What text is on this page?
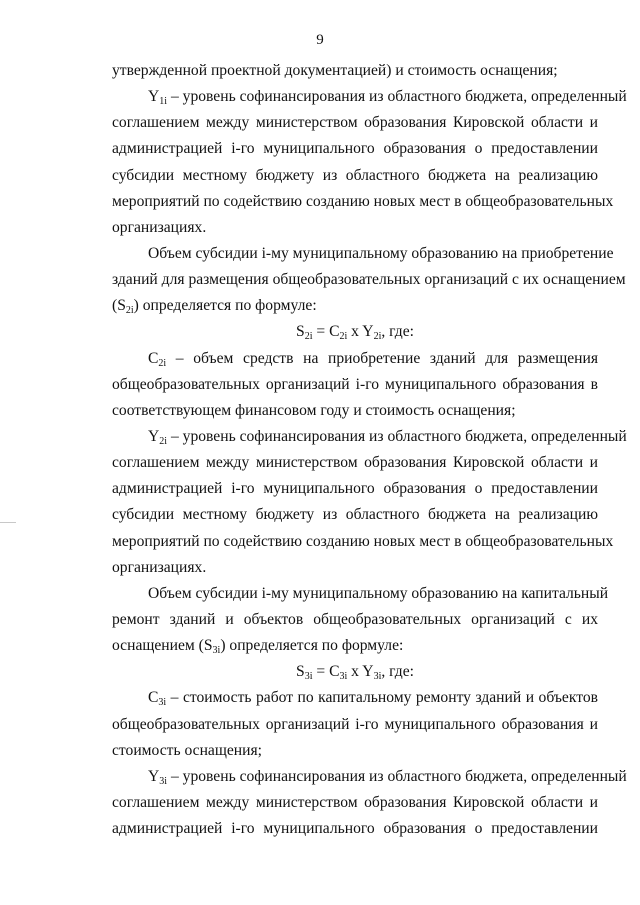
9
утвержденной проектной документацией) и стоимость оснащения;
$Y_{1i}$ – уровень софинансирования из областного бюджета, определенный
соглашением между министерством образования Кировской области и
администрацией i-го муниципального образования о предоставлении
субсидии местному бюджету из областного бюджета на реализацию
мероприятий по содействию созданию новых мест в общеобразовательных
организациях.
Объем субсидии i-му муниципальному образованию на приобретение
зданий для размещения общеобразовательных организаций с их оснащением
$(S_{2i})$ определяется по формуле:
$S_{2i} = C_{2i}$ x $Y_{2i}$, где:
$C_{2i}$ – объем средств на приобретение зданий для размещения
общеобразовательных организаций i-го муниципального образования в
соответствующем финансовом году и стоимость оснащения;
$Y_{2i}$ – уровень софинансирования из областного бюджета, определенный
соглашением между министерством образования Кировской области и
администрацией i-го муниципального образования о предоставлении
субсидии местному бюджету из областного бюджета на реализацию
мероприятий по содействию созданию новых мест в общеобразовательных
организациях.
Объем субсидии i-му муниципальному образованию на капитальный
ремонт зданий и объектов общеобразовательных организаций с их
оснащением $(S_{3i})$ определяется по формуле:
$S_{3i} = C_{3i}$ x $Y_{3i}$, где:
$C_{3i}$ – стоимость работ по капитальному ремонту зданий и объектов
общеобразовательных организаций i-го муниципального образования и
стоимость оснащения;
$Y_{3i}$ – уровень софинансирования из областного бюджета, определенный
соглашением между министерством образования Кировской области и
администрацией i-го муниципального образования о предоставлении
